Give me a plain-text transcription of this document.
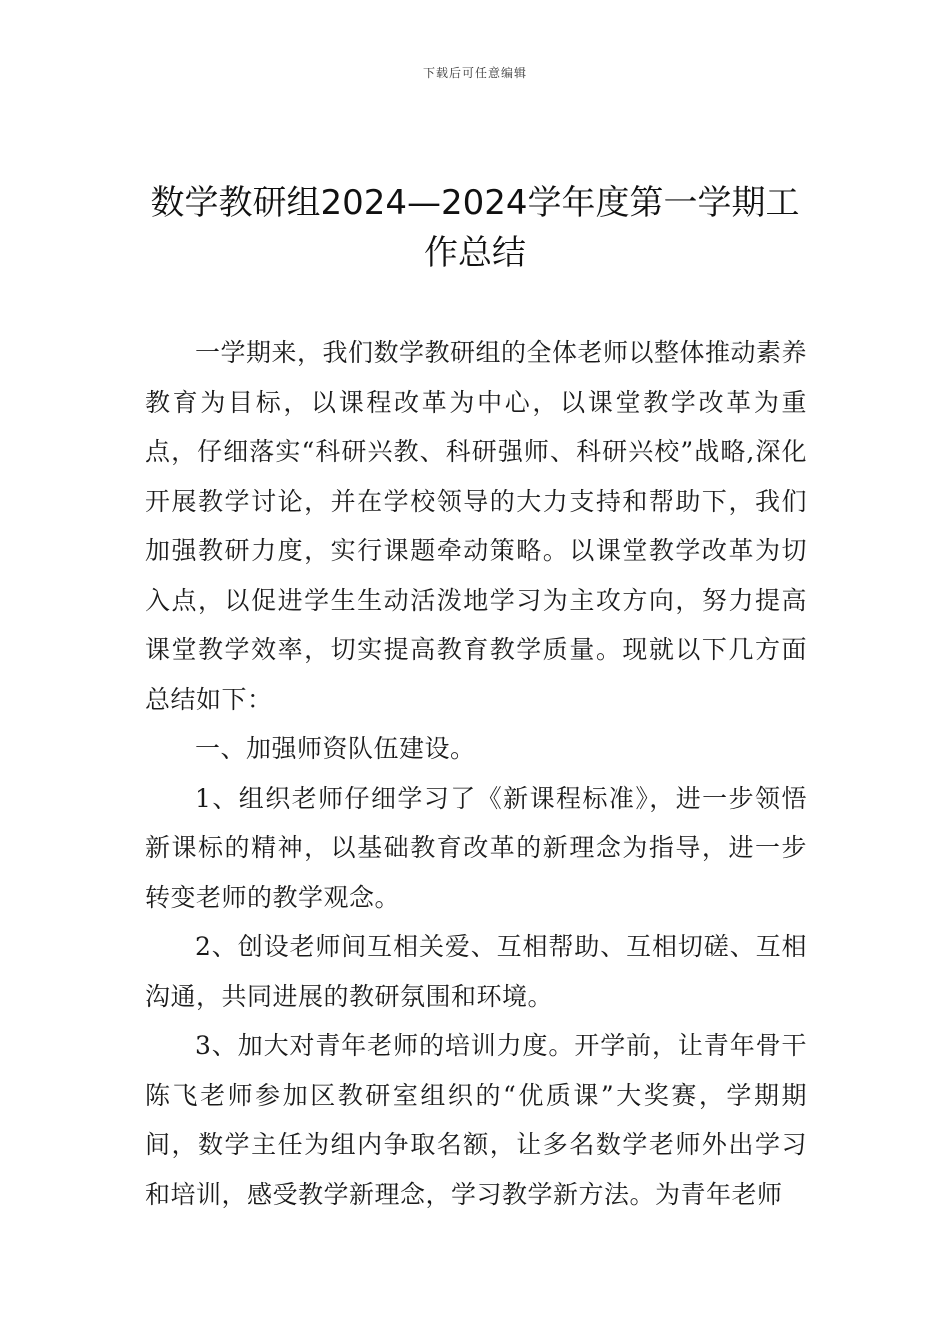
下载后可任意编辑
数学教研组2024—2024学年度第一学期工作总结

一学期来，我们数学教研组的全体老师以整体推动素养教育为目标，以课程改革为中心，以课堂教学改革为重点，仔细落实“科研兴教、科研强师、科研兴校”战略,深化开展教学讨论，并在学校领导的大力支持和帮助下，我们加强教研力度，实行课题牵动策略。以课堂教学改革为切入点，以促进学生生动活泼地学习为主攻方向，努力提高课堂教学效率，切实提高教育教学质量。现就以下几方面总结如下：

一、加强师资队伍建设。

1、组织老师仔细学习了《新课程标准》，进一步领悟新课标的精神，以基础教育改革的新理念为指导，进一步转变老师的教学观念。

2、创设老师间互相关爱、互相帮助、互相切磋、互相沟通，共同进展的教研氛围和环境。

3、加大对青年老师的培训力度。开学前，让青年骨干陈飞老师参加区教研室组织的“优质课”大奖赛，学期期间，数学主任为组内争取名额，让多名数学老师外出学习和培训，感受教学新理念，学习教学新方法。为青年老师
